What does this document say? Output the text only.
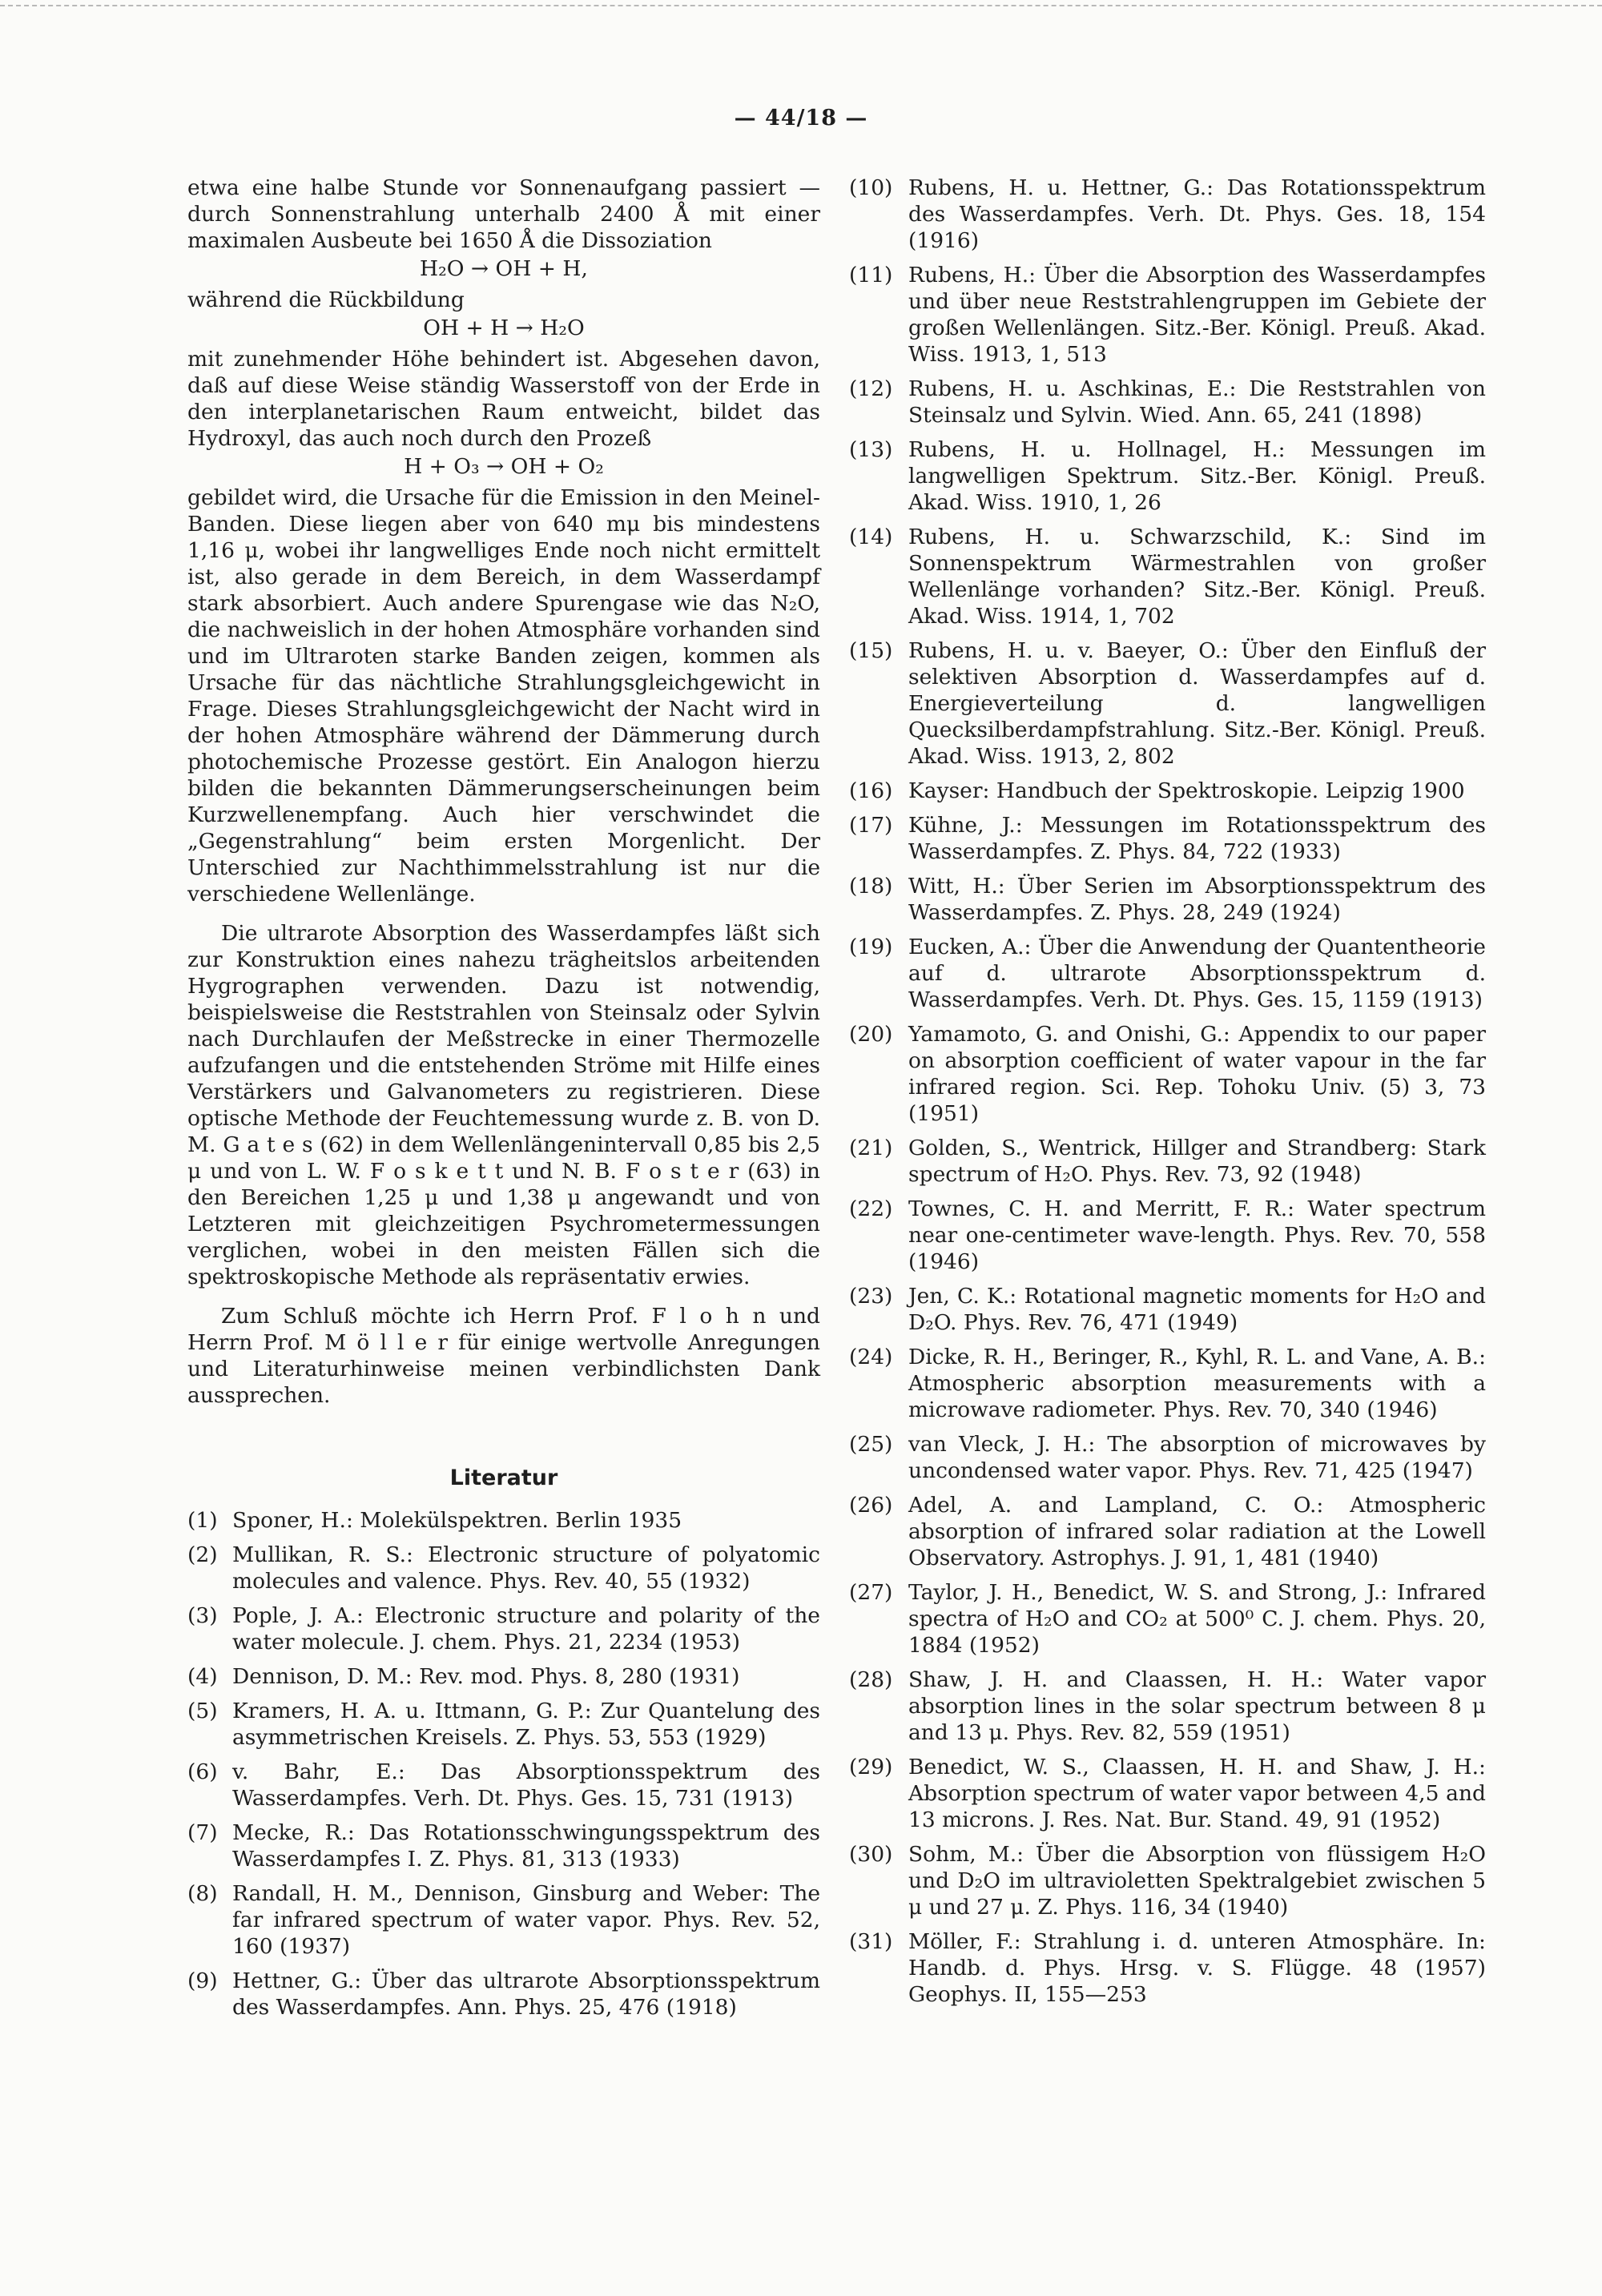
— 44/18 —

etwa eine halbe Stunde vor Sonnenaufgang passiert — durch Sonnenstrahlung unterhalb 2400 Å mit einer maximalen Ausbeute bei 1650 Å die Dissoziation

H₂O → OH + H,

während die Rückbildung

OH + H → H₂O

mit zunehmender Höhe behindert ist. Abgesehen davon, daß auf diese Weise ständig Wasserstoff von der Erde in den interplanetarischen Raum entweicht, bildet das Hydroxyl, das auch noch durch den Prozeß

H + O₃ → OH + O₂

gebildet wird, die Ursache für die Emission in den Meinel-Banden. Diese liegen aber von 640 mμ bis mindestens 1,16 μ, wobei ihr langwelliges Ende noch nicht ermittelt ist, also gerade in dem Bereich, in dem Wasserdampf stark absorbiert. Auch andere Spurengase wie das N₂O, die nachweislich in der hohen Atmosphäre vorhanden sind und im Ultraroten starke Banden zeigen, kommen als Ursache für das nächtliche Strahlungsgleichgewicht in Frage. Dieses Strahlungsgleichgewicht der Nacht wird in der hohen Atmosphäre während der Dämmerung durch photochemische Prozesse gestört. Ein Analogon hierzu bilden die bekannten Dämmerungserscheinungen beim Kurzwellenempfang. Auch hier verschwindet die „Gegenstrahlung“ beim ersten Morgenlicht. Der Unterschied zur Nachthimmelsstrahlung ist nur die verschiedene Wellenlänge.

Die ultrarote Absorption des Wasserdampfes läßt sich zur Konstruktion eines nahezu trägheitslos arbeitenden Hygrographen verwenden. Dazu ist notwendig, beispielsweise die Reststrahlen von Steinsalz oder Sylvin nach Durchlaufen der Meßstrecke in einer Thermozelle aufzufangen und die entstehenden Ströme mit Hilfe eines Verstärkers und Galvanometers zu registrieren. Diese optische Methode der Feuchtemessung wurde z. B. von D. M. G a t e s (62) in dem Wellenlängenintervall 0,85 bis 2,5 μ und von L. W. F o s k e t t und N. B. F o s t e r (63) in den Bereichen 1,25 μ und 1,38 μ angewandt und von Letzteren mit gleichzeitigen Psychrometermessungen verglichen, wobei in den meisten Fällen sich die spektroskopische Methode als repräsentativ erwies.

Zum Schluß möchte ich Herrn Prof. F l o h n und Herrn Prof. M ö l l e r für einige wertvolle Anregungen und Literaturhinweise meinen verbindlichsten Dank aussprechen.

Literatur
(1) Sponer, H.: Molekülspektren. Berlin 1935
(2) Mullikan, R. S.: Electronic structure of polyatomic molecules and valence. Phys. Rev. 40, 55 (1932)
(3) Pople, J. A.: Electronic structure and polarity of the water molecule. J. chem. Phys. 21, 2234 (1953)
(4) Dennison, D. M.: Rev. mod. Phys. 8, 280 (1931)
(5) Kramers, H. A. u. Ittmann, G. P.: Zur Quantelung des asymmetrischen Kreisels. Z. Phys. 53, 553 (1929)
(6) v. Bahr, E.: Das Absorptionsspektrum des Wasserdampfes. Verh. Dt. Phys. Ges. 15, 731 (1913)
(7) Mecke, R.: Das Rotationsschwingungsspektrum des Wasserdampfes I. Z. Phys. 81, 313 (1933)
(8) Randall, H. M., Dennison, Ginsburg and Weber: The far infrared spectrum of water vapor. Phys. Rev. 52, 160 (1937)
(9) Hettner, G.: Über das ultrarote Absorptionsspektrum des Wasserdampfes. Ann. Phys. 25, 476 (1918)
(10) Rubens, H. u. Hettner, G.: Das Rotationsspektrum des Wasserdampfes. Verh. Dt. Phys. Ges. 18, 154 (1916)
(11) Rubens, H.: Über die Absorption des Wasserdampfes und über neue Reststrahlengruppen im Gebiete der großen Wellenlängen. Sitz.-Ber. Königl. Preuß. Akad. Wiss. 1913, 1, 513
(12) Rubens, H. u. Aschkinas, E.: Die Reststrahlen von Steinsalz und Sylvin. Wied. Ann. 65, 241 (1898)
(13) Rubens, H. u. Hollnagel, H.: Messungen im langwelligen Spektrum. Sitz.-Ber. Königl. Preuß. Akad. Wiss. 1910, 1, 26
(14) Rubens, H. u. Schwarzschild, K.: Sind im Sonnenspektrum Wärmestrahlen von großer Wellenlänge vorhanden? Sitz.-Ber. Königl. Preuß. Akad. Wiss. 1914, 1, 702
(15) Rubens, H. u. v. Baeyer, O.: Über den Einfluß der selektiven Absorption d. Wasserdampfes auf d. Energieverteilung d. langwelligen Quecksilberdampfstrahlung. Sitz.-Ber. Königl. Preuß. Akad. Wiss. 1913, 2, 802
(16) Kayser: Handbuch der Spektroskopie. Leipzig 1900
(17) Kühne, J.: Messungen im Rotationsspektrum des Wasserdampfes. Z. Phys. 84, 722 (1933)
(18) Witt, H.: Über Serien im Absorptionsspektrum des Wasserdampfes. Z. Phys. 28, 249 (1924)
(19) Eucken, A.: Über die Anwendung der Quantentheorie auf d. ultrarote Absorptionsspektrum d. Wasserdampfes. Verh. Dt. Phys. Ges. 15, 1159 (1913)
(20) Yamamoto, G. and Onishi, G.: Appendix to our paper on absorption coefficient of water vapour in the far infrared region. Sci. Rep. Tohoku Univ. (5) 3, 73 (1951)
(21) Golden, S., Wentrick, Hillger and Strandberg: Stark spectrum of H₂O. Phys. Rev. 73, 92 (1948)
(22) Townes, C. H. and Merritt, F. R.: Water spectrum near one-centimeter wave-length. Phys. Rev. 70, 558 (1946)
(23) Jen, C. K.: Rotational magnetic moments for H₂O and D₂O. Phys. Rev. 76, 471 (1949)
(24) Dicke, R. H., Beringer, R., Kyhl, R. L. and Vane, A. B.: Atmospheric absorption measurements with a microwave radiometer. Phys. Rev. 70, 340 (1946)
(25) van Vleck, J. H.: The absorption of microwaves by uncondensed water vapor. Phys. Rev. 71, 425 (1947)
(26) Adel, A. and Lampland, C. O.: Atmospheric absorption of infrared solar radiation at the Lowell Observatory. Astrophys. J. 91, 1, 481 (1940)
(27) Taylor, J. H., Benedict, W. S. and Strong, J.: Infrared spectra of H₂O and CO₂ at 500⁰ C. J. chem. Phys. 20, 1884 (1952)
(28) Shaw, J. H. and Claassen, H. H.: Water vapor absorption lines in the solar spectrum between 8 μ and 13 μ. Phys. Rev. 82, 559 (1951)
(29) Benedict, W. S., Claassen, H. H. and Shaw, J. H.: Absorption spectrum of water vapor between 4,5 and 13 microns. J. Res. Nat. Bur. Stand. 49, 91 (1952)
(30) Sohm, M.: Über die Absorption von flüssigem H₂O und D₂O im ultravioletten Spektralgebiet zwischen 5 μ und 27 μ. Z. Phys. 116, 34 (1940)
(31) Möller, F.: Strahlung i. d. unteren Atmosphäre. In: Handb. d. Phys. Hrsg. v. S. Flügge. 48 (1957) Geophys. II, 155—253
